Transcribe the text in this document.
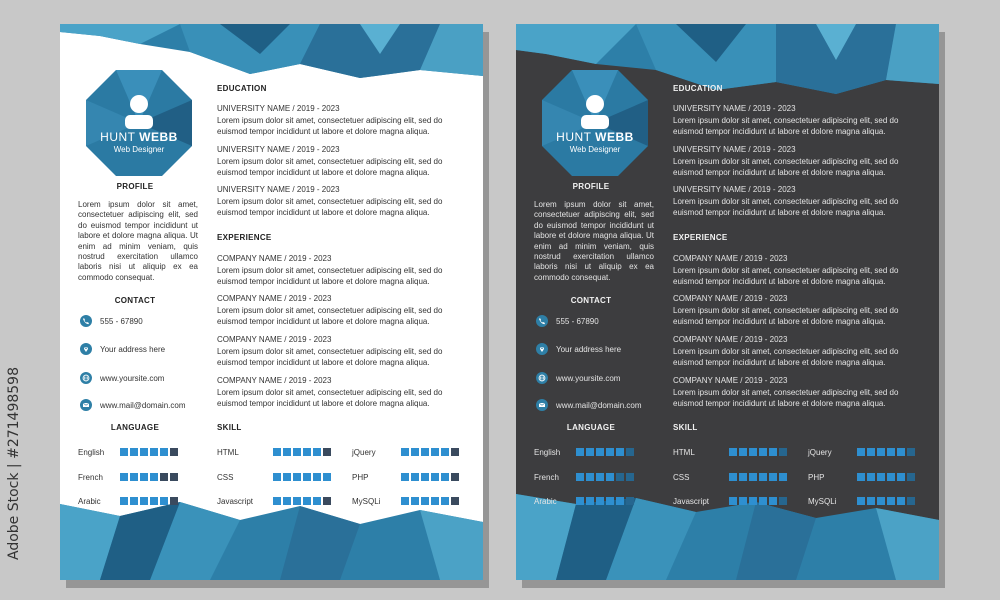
Adobe Stock | #271498598
HUNT WEBB
Web Designer
PROFILE
Lorem ipsum dolor sit amet, consectetuer adipiscing elit, sed do euismod tempor incididunt ut labore et dolore magna aliqua. Ut enim ad minim veniam, quis nostrud exercitation ullamco laboris nisi ut aliquip ex ea commodo consequat.
CONTACT
555 - 67890
Your address here
www.yoursite.com
www.mail@domain.com
EDUCATION
UNIVERSITY NAME / 2019 - 2023
Lorem ipsum dolor sit amet, consectetuer adipiscing elit, sed do euismod tempor incididunt ut labore et dolore magna aliqua.
UNIVERSITY NAME / 2019 - 2023
Lorem ipsum dolor sit amet, consectetuer adipiscing elit, sed do euismod tempor incididunt ut labore et dolore magna aliqua.
UNIVERSITY NAME / 2019 - 2023
Lorem ipsum dolor sit amet, consectetuer adipiscing elit, sed do euismod tempor incididunt ut labore et dolore magna aliqua.
EXPERIENCE
COMPANY NAME / 2019 - 2023
Lorem ipsum dolor sit amet, consectetuer adipiscing elit, sed do euismod tempor incididunt ut labore et dolore magna aliqua.
COMPANY NAME / 2019 - 2023
Lorem ipsum dolor sit amet, consectetuer adipiscing elit, sed do euismod tempor incididunt ut labore et dolore magna aliqua.
COMPANY NAME / 2019 - 2023
Lorem ipsum dolor sit amet, consectetuer adipiscing elit, sed do euismod tempor incididunt ut labore et dolore magna aliqua.
COMPANY NAME / 2019 - 2023
Lorem ipsum dolor sit amet, consectetuer adipiscing elit, sed do euismod tempor incididunt ut labore et dolore magna aliqua.
LANGUAGE	SKILL
English
French
Arabic
HTML	jQuery
CSS	PHP
Javascript	MySQLi
HUNT WEBB
Web Designer
PROFILE
Lorem ipsum dolor sit amet, consectetuer adipiscing elit, sed do euismod tempor incididunt ut labore et dolore magna aliqua. Ut enim ad minim veniam, quis nostrud exercitation ullamco laboris nisi ut aliquip ex ea commodo consequat.
CONTACT
555 - 67890
Your address here
www.yoursite.com
www.mail@domain.com
EDUCATION
UNIVERSITY NAME / 2019 - 2023
Lorem ipsum dolor sit amet, consectetuer adipiscing elit, sed do euismod tempor incididunt ut labore et dolore magna aliqua.
UNIVERSITY NAME / 2019 - 2023
Lorem ipsum dolor sit amet, consectetuer adipiscing elit, sed do euismod tempor incididunt ut labore et dolore magna aliqua.
UNIVERSITY NAME / 2019 - 2023
Lorem ipsum dolor sit amet, consectetuer adipiscing elit, sed do euismod tempor incididunt ut labore et dolore magna aliqua.
EXPERIENCE
COMPANY NAME / 2019 - 2023
Lorem ipsum dolor sit amet, consectetuer adipiscing elit, sed do euismod tempor incididunt ut labore et dolore magna aliqua.
COMPANY NAME / 2019 - 2023
Lorem ipsum dolor sit amet, consectetuer adipiscing elit, sed do euismod tempor incididunt ut labore et dolore magna aliqua.
COMPANY NAME / 2019 - 2023
Lorem ipsum dolor sit amet, consectetuer adipiscing elit, sed do euismod tempor incididunt ut labore et dolore magna aliqua.
COMPANY NAME / 2019 - 2023
Lorem ipsum dolor sit amet, consectetuer adipiscing elit, sed do euismod tempor incididunt ut labore et dolore magna aliqua.
LANGUAGE	SKILL
English
French
Arabic
HTML	jQuery
CSS	PHP
Javascript	MySQLi
